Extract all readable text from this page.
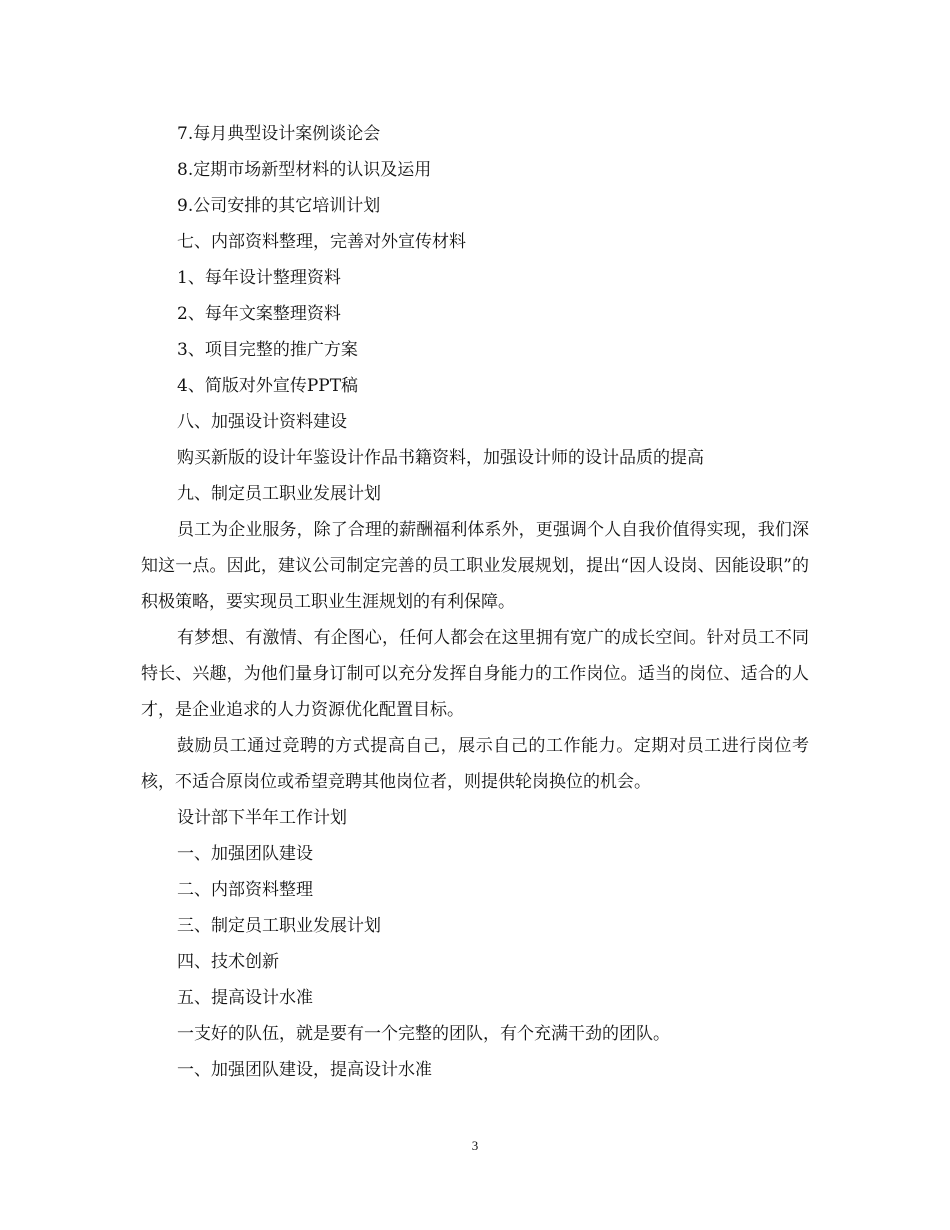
7.每月典型设计案例谈论会
8.定期市场新型材料的认识及运用
9.公司安排的其它培训计划
七、内部资料整理，完善对外宣传材料
1、每年设计整理资料
2、每年文案整理资料
3、项目完整的推广方案
4、简版对外宣传PPT稿
八、加强设计资料建设
购买新版的设计年鉴设计作品书籍资料，加强设计师的设计品质的提高
九、制定员工职业发展计划

员工为企业服务，除了合理的薪酬福利体系外，更强调个人自我价值得实现，我们深知这一点。因此，建议公司制定完善的员工职业发展规划，提出“因人设岗、因能设职”的积极策略，要实现员工职业生涯规划的有利保障。

有梦想、有激情、有企图心，任何人都会在这里拥有宽广的成长空间。针对员工不同特长、兴趣，为他们量身订制可以充分发挥自身能力的工作岗位。适当的岗位、适合的人才，是企业追求的人力资源优化配置目标。

鼓励员工通过竞聘的方式提高自己，展示自己的工作能力。定期对员工进行岗位考核，不适合原岗位或希望竞聘其他岗位者，则提供轮岗换位的机会。

设计部下半年工作计划
一、加强团队建设
二、内部资料整理
三、制定员工职业发展计划
四、技术创新
五、提高设计水准
一支好的队伍，就是要有一个完整的团队，有个充满干劲的团队。
一、加强团队建设，提高设计水准
3
